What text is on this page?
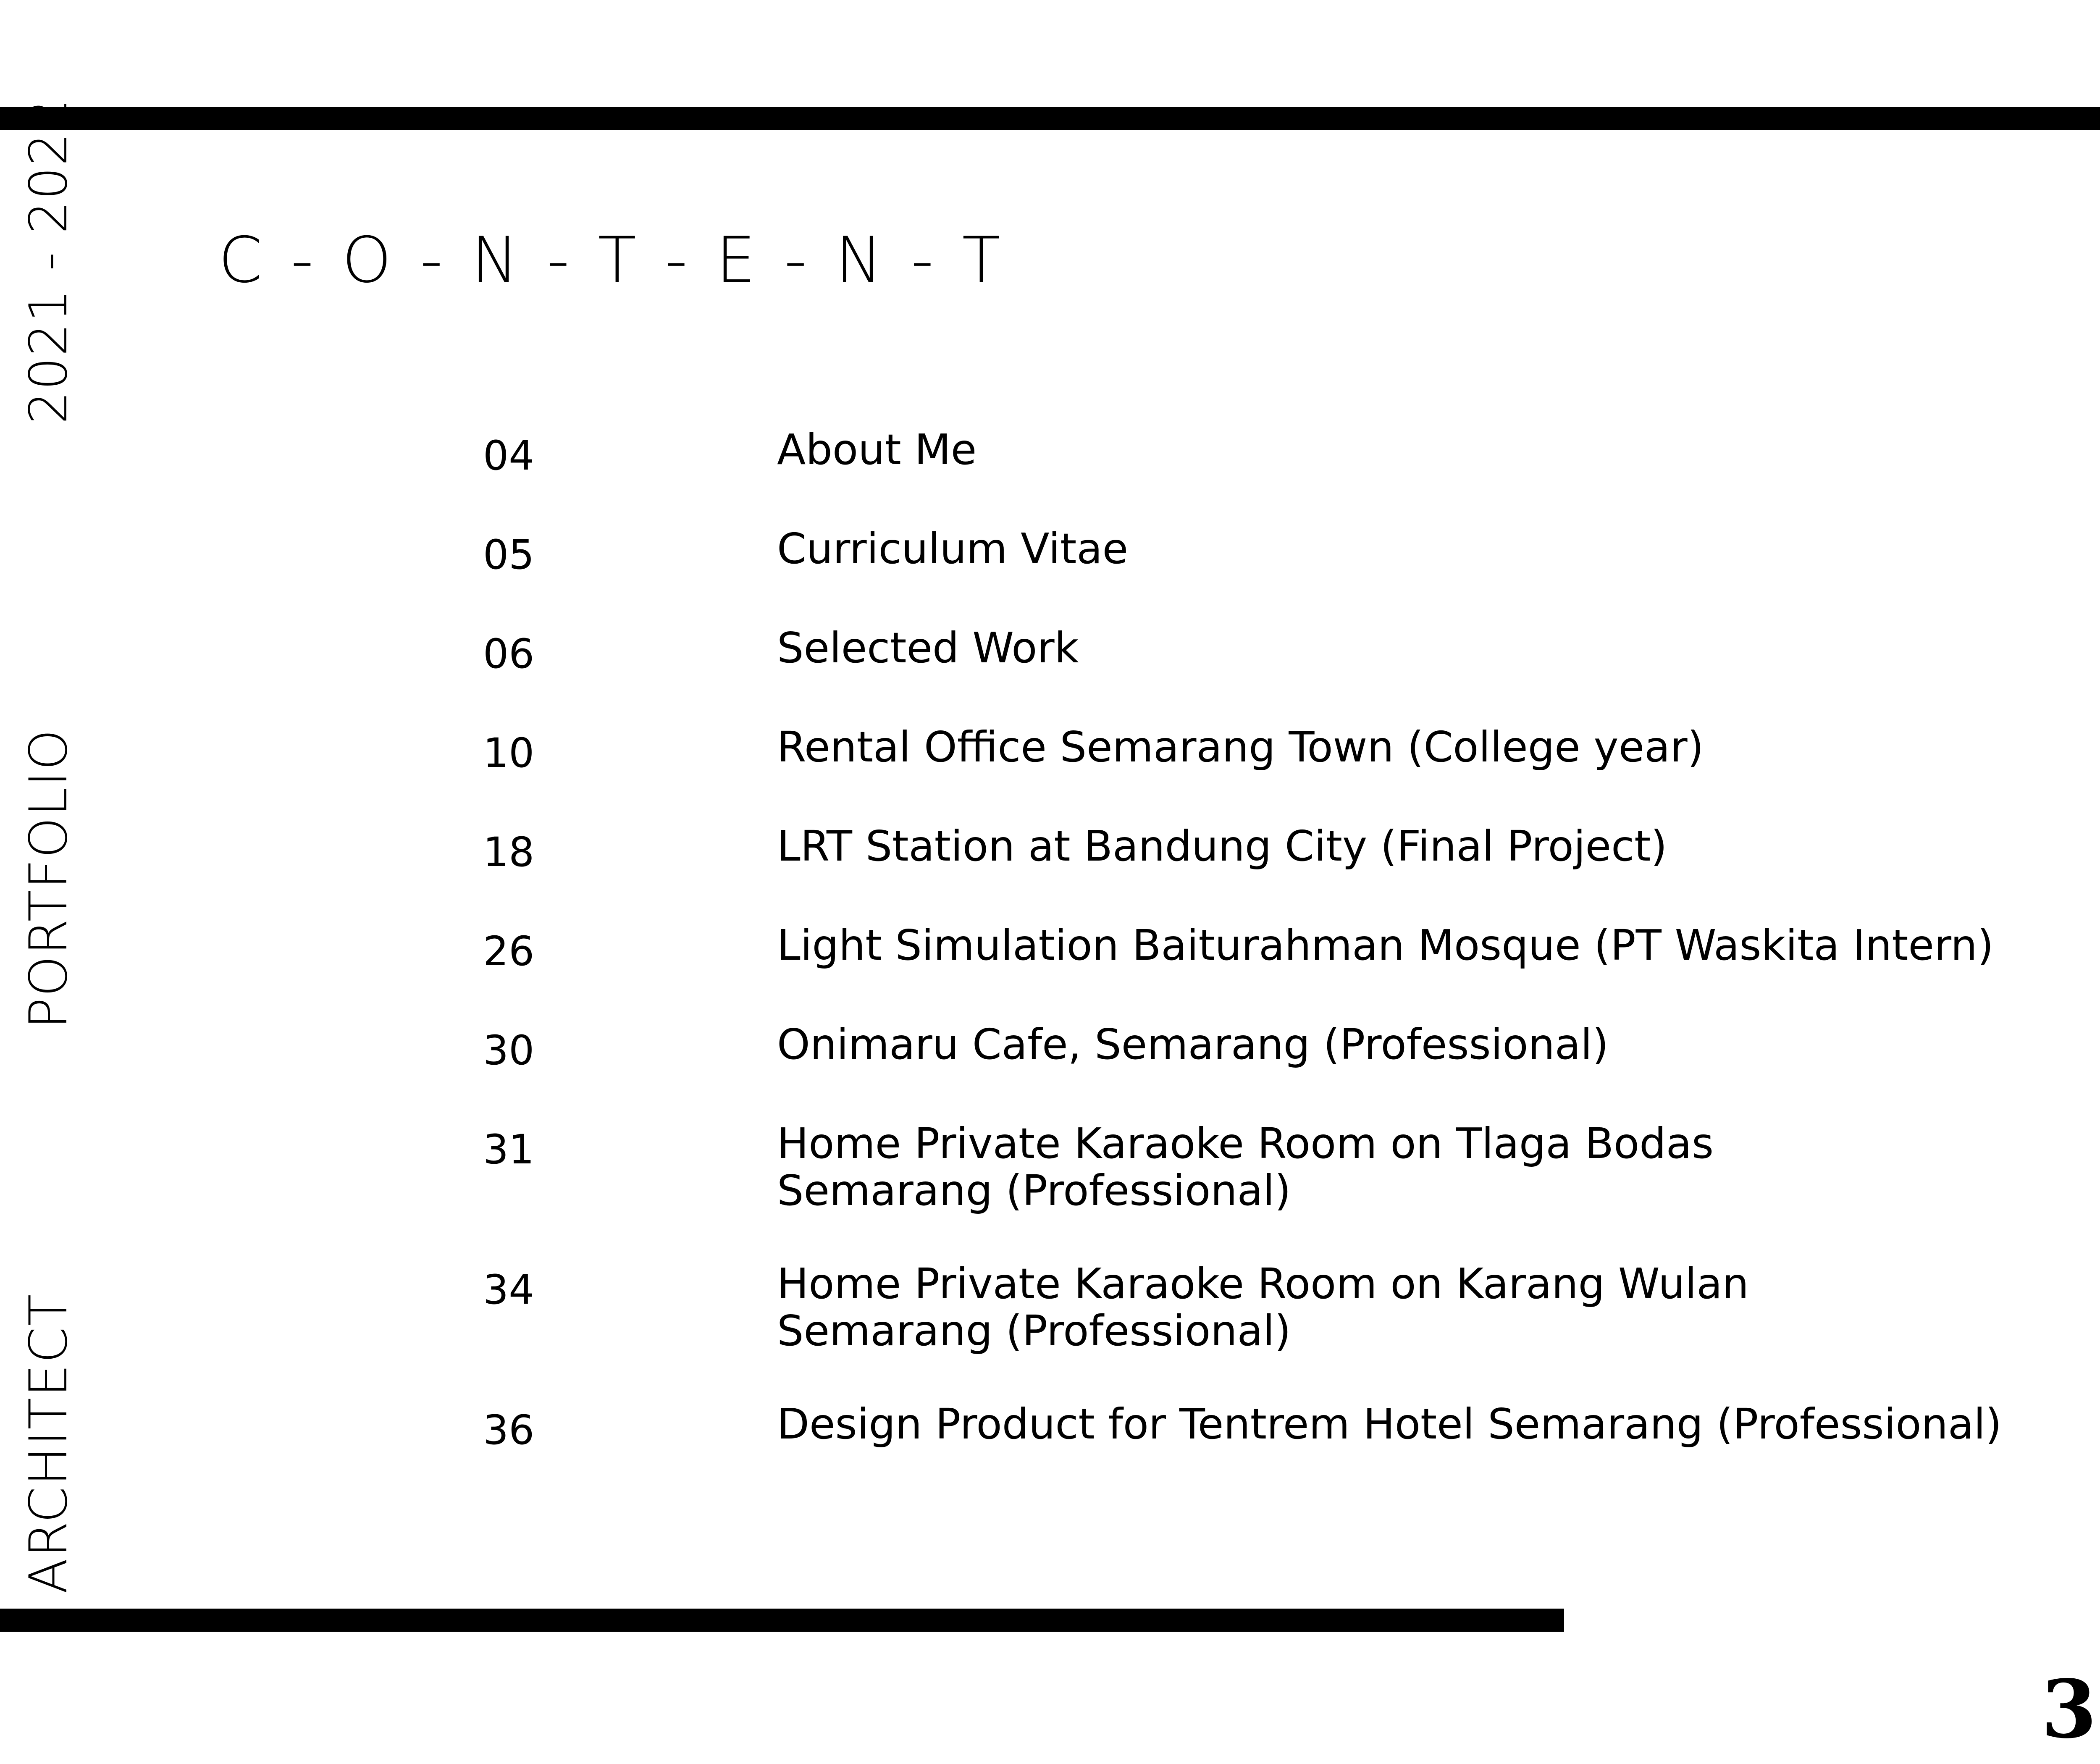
2021 - 2022
PORTFOLIO
ARCHITECT
C - O - N - T - E - N - T
04	About Me
05	Curriculum Vitae
06	Selected Work
10	Rental Office Semarang Town (College year)
18	LRT Station at Bandung City (Final Project)
26	Light Simulation Baiturahman Mosque (PT Waskita Intern)
30	Onimaru Cafe, Semarang (Professional)
31	Home Private Karaoke Room on Tlaga Bodas
Semarang (Professional)
34	Home Private Karaoke Room on Karang Wulan
Semarang (Professional)
36	Design Product for Tentrem Hotel Semarang (Professional)
3
